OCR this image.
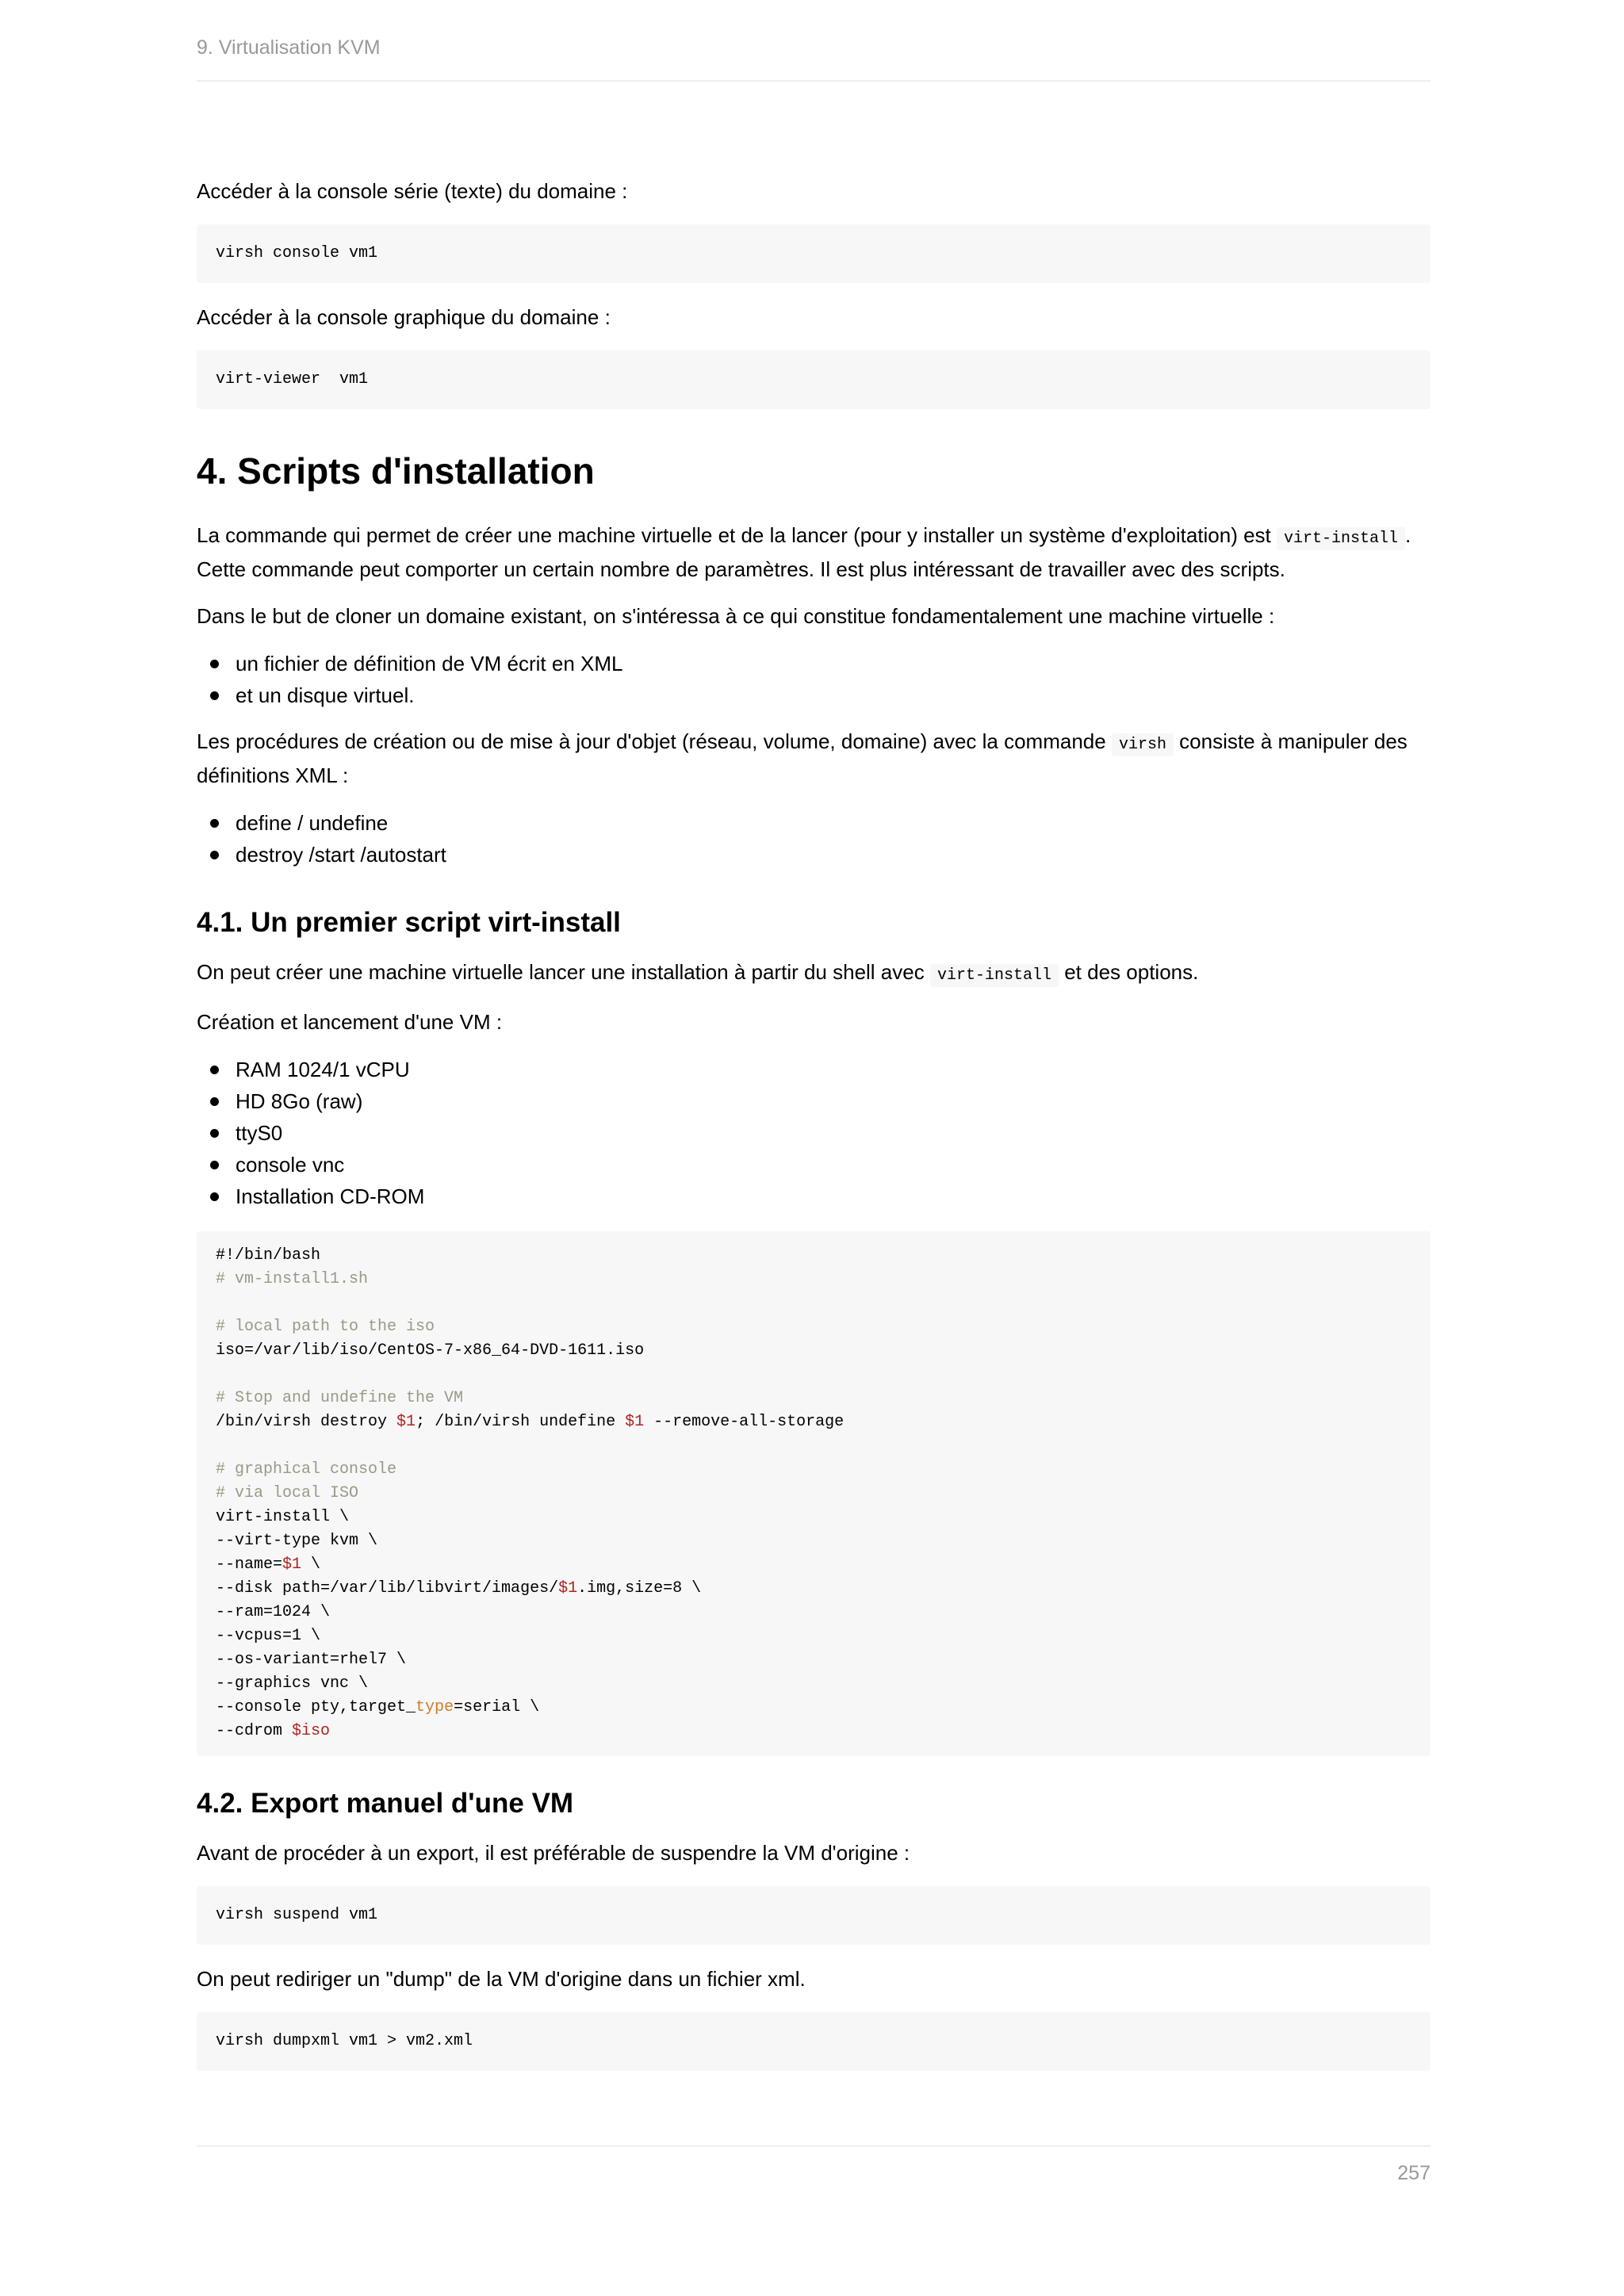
9. Virtualisation KVM

Accéder à la console série (texte) du domaine :

virsh console vm1

Accéder à la console graphique du domaine :

virt-viewer  vm1
4. Scripts d'installation

La commande qui permet de créer une machine virtuelle et de la lancer (pour y installer un système d'exploitation) est virt-install . Cette commande peut comporter un certain nombre de paramètres. Il est plus intéressant de travailler avec des scripts.

Dans le but de cloner un domaine existant, on s'intéressa à ce qui constitue fondamentalement une machine virtuelle :

un fichier de définition de VM écrit en XML
et un disque virtuel.

Les procédures de création ou de mise à jour d'objet (réseau, volume, domaine) avec la commande virsh consiste à manipuler des définitions XML :

define / undefine
destroy /start /autostart
4.1. Un premier script virt-install

On peut créer une machine virtuelle lancer une installation à partir du shell avec virt-install et des options.

Création et lancement d'une VM :

RAM 1024/1 vCPU
HD 8Go (raw)
ttyS0
console vnc
Installation CD-ROM
#!/bin/bash
# vm-install1.sh
# local path to the iso
iso=/var/lib/iso/CentOS-7-x86_64-DVD-1611.iso
# Stop and undefine the VM
/bin/virsh destroy $1; /bin/virsh undefine $1 --remove-all-storage
# graphical console
# via local ISO
virt-install \
--virt-type kvm \
--name=$1 \
--disk path=/var/lib/libvirt/images/$1.img,size=8 \
--ram=1024 \
--vcpus=1 \
--os-variant=rhel7 \
--graphics vnc \
--console pty,target_type=serial \
--cdrom $iso
4.2. Export manuel d'une VM

Avant de procéder à un export, il est préférable de suspendre la VM d'origine :

virsh suspend vm1

On peut rediriger un "dump" de la VM d'origine dans un fichier xml.

virsh dumpxml vm1 > vm2.xml
257
